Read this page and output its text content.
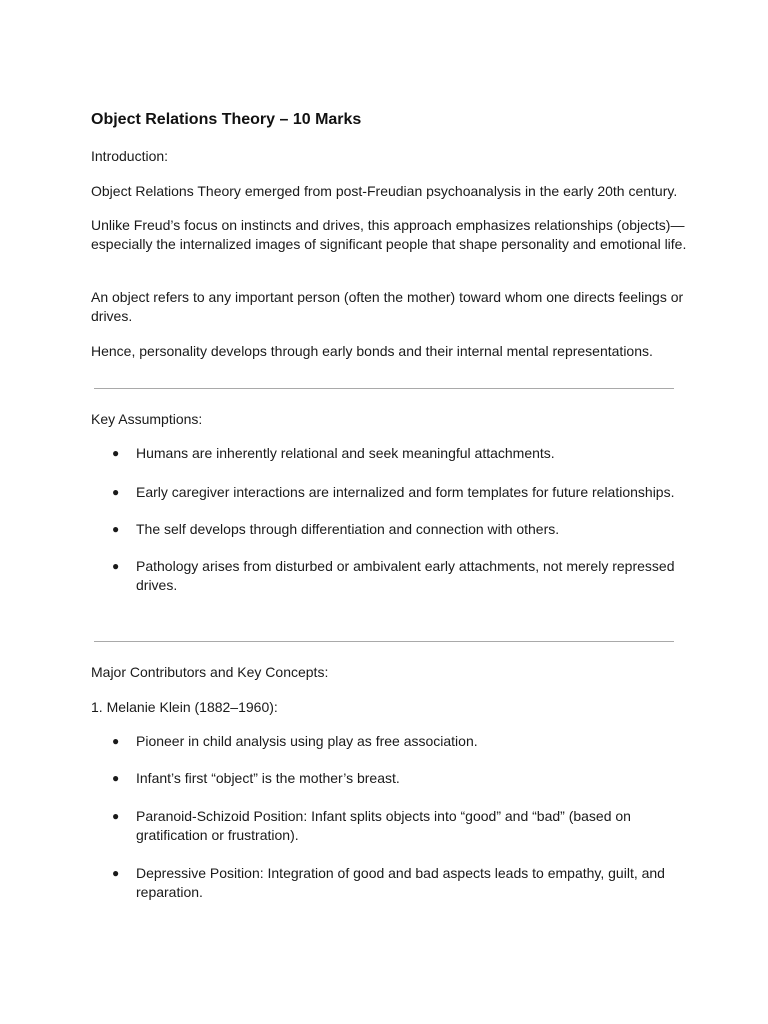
Object Relations Theory – 10 Marks

Introduction:

Object Relations Theory emerged from post-Freudian psychoanalysis in the early 20th century.

Unlike Freud’s focus on instincts and drives, this approach emphasizes relationships (objects)—especially the internalized images of significant people that shape personality and emotional life.

An object refers to any important person (often the mother) toward whom one directs feelings or drives.

Hence, personality develops through early bonds and their internal mental representations.

Key Assumptions:

●	Humans are inherently relational and seek meaningful attachments.
●	Early caregiver interactions are internalized and form templates for future relationships.
●	The self develops through differentiation and connection with others.
●	Pathology arises from disturbed or ambivalent early attachments, not merely repressed drives.

Major Contributors and Key Concepts:

1. Melanie Klein (1882–1960):

●	Pioneer in child analysis using play as free association.
●	Infant’s first “object” is the mother’s breast.
●	Paranoid-Schizoid Position: Infant splits objects into “good” and “bad” (based on gratification or frustration).
●	Depressive Position: Integration of good and bad aspects leads to empathy, guilt, and reparation.
